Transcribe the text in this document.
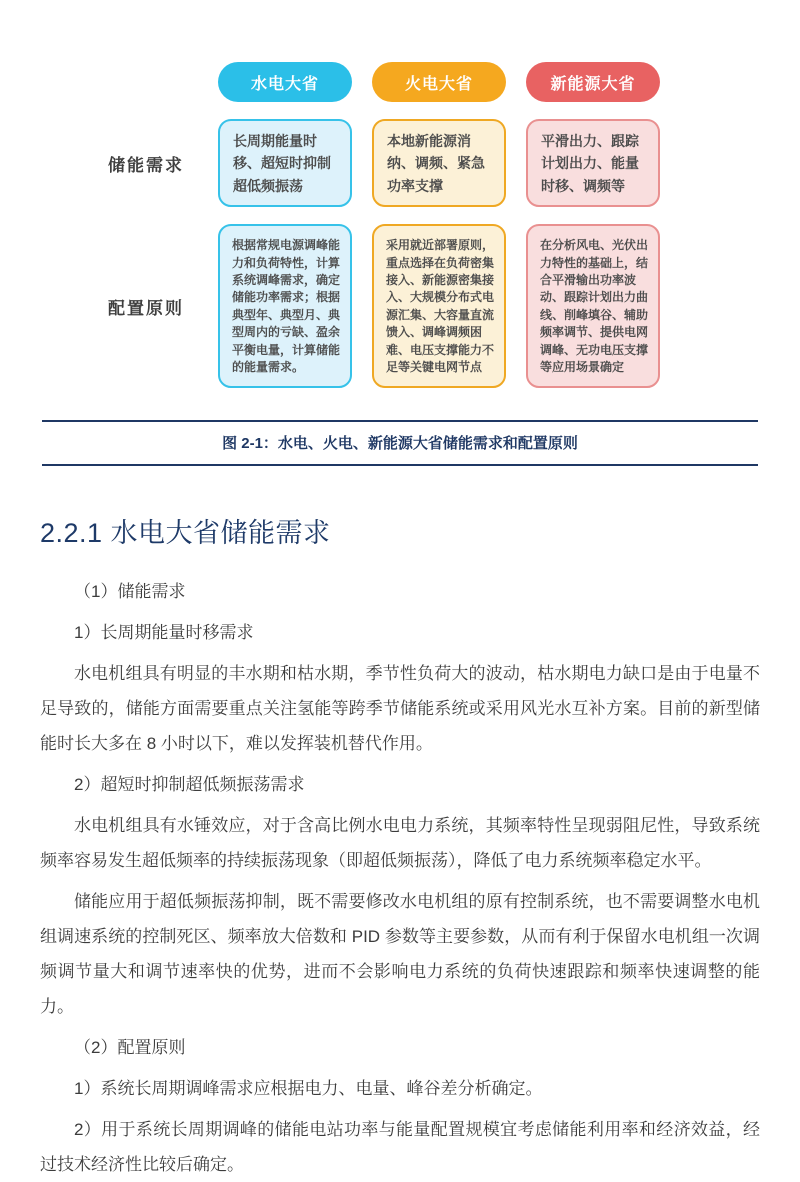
水电大省	火电大省	新能源大省
储能需求
长周期能量时移、超短时抑制超低频振荡
本地新能源消纳、调频、紧急功率支撑
平滑出力、跟踪计划出力、能量时移、调频等
配置原则
根据常规电源调峰能力和负荷特性，计算系统调峰需求，确定储能功率需求；根据典型年、典型月、典型周内的亏缺、盈余平衡电量，计算储能的能量需求。
采用就近部署原则，重点选择在负荷密集接入、新能源密集接入、大规模分布式电源汇集、大容量直流馈入、调峰调频困难、电压支撑能力不足等关键电网节点
在分析风电、光伏出力特性的基础上，结合平滑输出功率波动、跟踪计划出力曲线、削峰填谷、辅助频率调节、提供电网调峰、无功电压支撑等应用场景确定
图 2-1：水电、火电、新能源大省储能需求和配置原则
2.2.1 水电大省储能需求

（1）储能需求

1）长周期能量时移需求

水电机组具有明显的丰水期和枯水期，季节性负荷大的波动，枯水期电力缺口是由于电量不足导致的，储能方面需要重点关注氢能等跨季节储能系统或采用风光水互补方案。目前的新型储能时长大多在 8 小时以下，难以发挥装机替代作用。

2）超短时抑制超低频振荡需求

水电机组具有水锤效应，对于含高比例水电电力系统，其频率特性呈现弱阻尼性，导致系统频率容易发生超低频率的持续振荡现象（即超低频振荡），降低了电力系统频率稳定水平。

储能应用于超低频振荡抑制，既不需要修改水电机组的原有控制系统，也不需要调整水电机组调速系统的控制死区、频率放大倍数和 PID 参数等主要参数，从而有利于保留水电机组一次调频调节量大和调节速率快的优势，进而不会影响电力系统的负荷快速跟踪和频率快速调整的能力。

（2）配置原则

1）系统长周期调峰需求应根据电力、电量、峰谷差分析确定。

2）用于系统长周期调峰的储能电站功率与能量配置规模宜考虑储能利用率和经济效益，经过技术经济性比较后确定。
